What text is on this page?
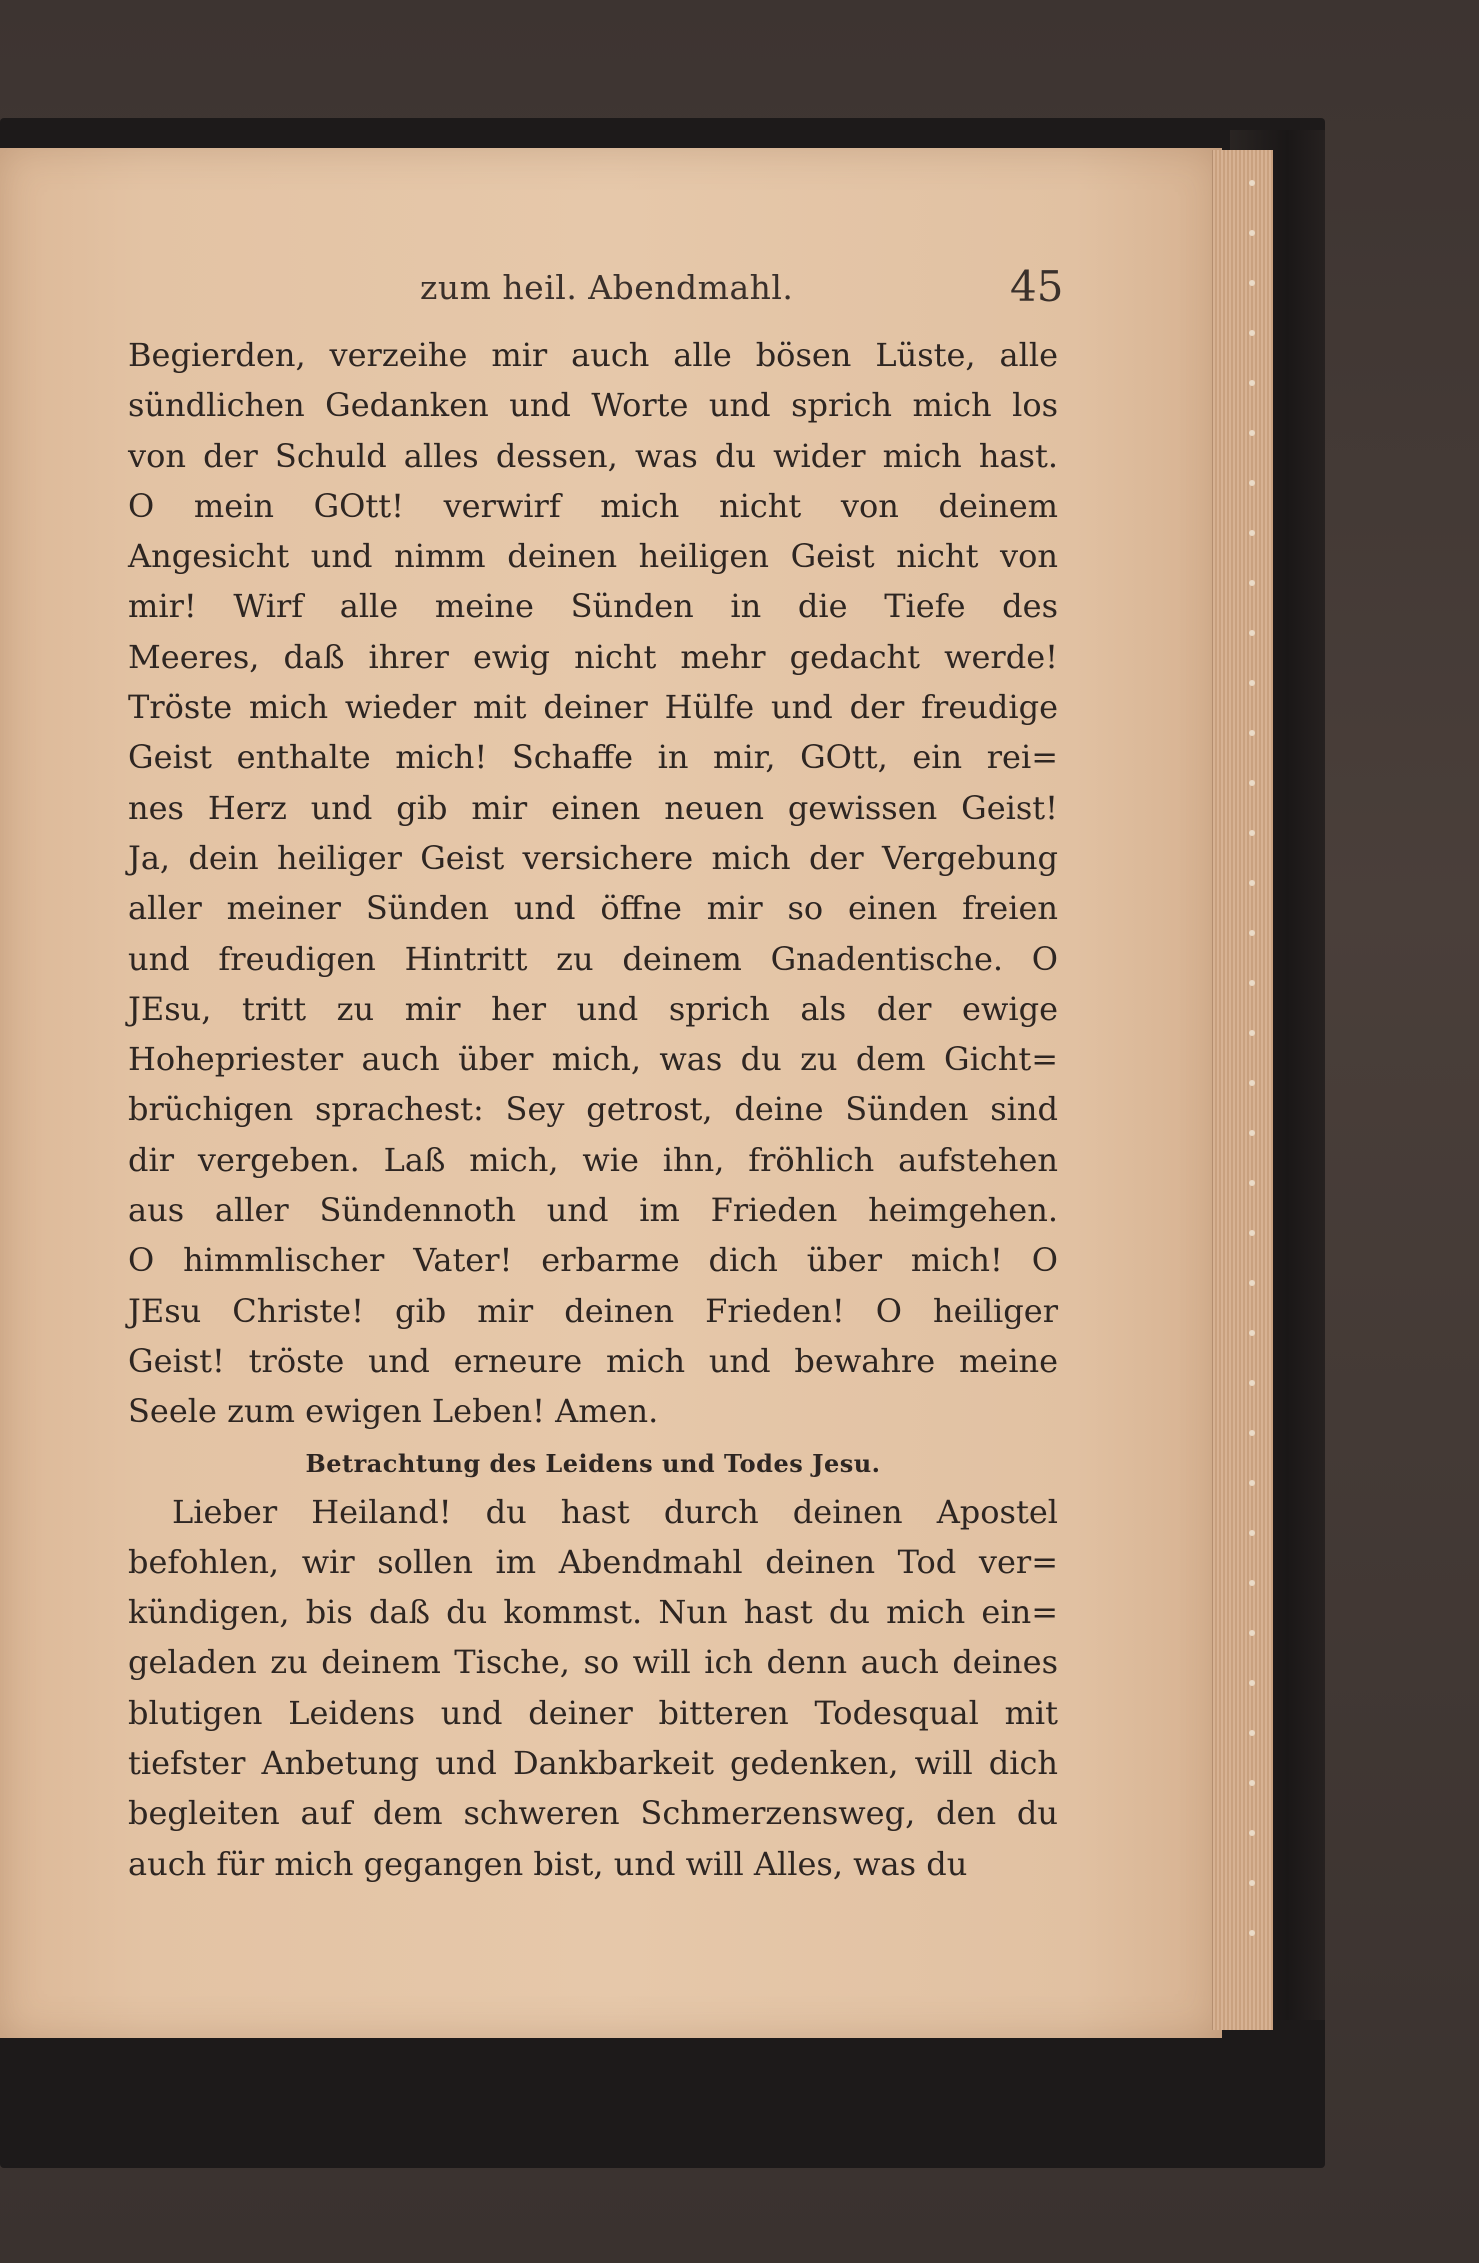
zum heil. Abendmahl.	45
Begierden, verzeihe mir auch alle bösen Lüste, alle
sündlichen Gedanken und Worte und sprich mich los
von der Schuld alles dessen, was du wider mich hast.
O mein GOtt! verwirf mich nicht von deinem
Angesicht und nimm deinen heiligen Geist nicht von
mir! Wirf alle meine Sünden in die Tiefe des
Meeres, daß ihrer ewig nicht mehr gedacht werde!
Tröste mich wieder mit deiner Hülfe und der freudige
Geist enthalte mich! Schaffe in mir, GOtt, ein rei=
nes Herz und gib mir einen neuen gewissen Geist!
Ja, dein heiliger Geist versichere mich der Vergebung
aller meiner Sünden und öffne mir so einen freien
und freudigen Hintritt zu deinem Gnadentische. O
JEsu, tritt zu mir her und sprich als der ewige
Hohepriester auch über mich, was du zu dem Gicht=
brüchigen sprachest: Sey getrost, deine Sünden sind
dir vergeben. Laß mich, wie ihn, fröhlich aufstehen
aus aller Sündennoth und im Frieden heimgehen.
O himmlischer Vater! erbarme dich über mich! O
JEsu Christe! gib mir deinen Frieden! O heiliger
Geist! tröste und erneure mich und bewahre meine
Seele zum ewigen Leben! Amen.
Betrachtung des Leidens und Todes Jesu.
Lieber Heiland! du hast durch deinen Apostel
befohlen, wir sollen im Abendmahl deinen Tod ver=
kündigen, bis daß du kommst. Nun hast du mich ein=
geladen zu deinem Tische, so will ich denn auch deines
blutigen Leidens und deiner bitteren Todesqual mit
tiefster Anbetung und Dankbarkeit gedenken, will dich
begleiten auf dem schweren Schmerzensweg, den du
auch für mich gegangen bist, und will Alles, was du
